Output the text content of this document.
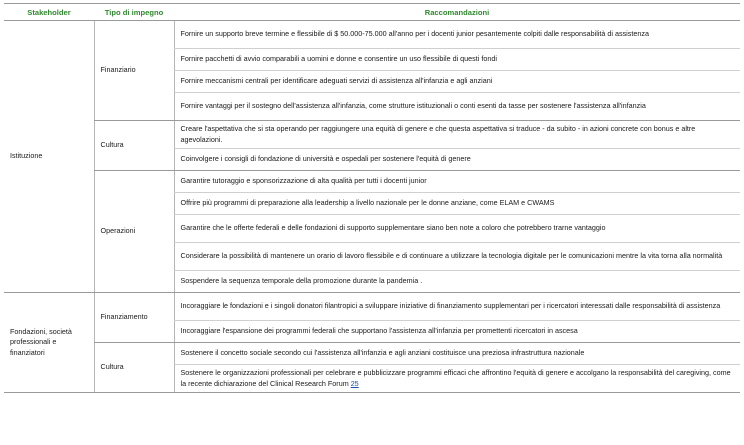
Stakeholder	Tipo di impegno	Raccomandazioni
Istituzione	Finanziario	Fornire un supporto breve termine e flessibile di $ 50.000-75.000 all'anno per i docenti junior pesantemente colpiti dalle responsabilità di assistenza
		Fornire pacchetti di avvio comparabili a uomini e donne e consentire un uso flessibile di questi fondi
		Fornire meccanismi centrali per identificare adeguati servizi di assistenza all'infanzia e agli anziani
		Fornire vantaggi per il sostegno dell'assistenza all'infanzia, come strutture istituzionali o conti esenti da tasse per sostenere l'assistenza all'infanzia
	Cultura	Creare l'aspettativa che si sta operando per raggiungere una equità di genere e che questa aspettativa si traduce - da subito - in azioni concrete con bonus e altre agevolazioni.
		Coinvolgere i consigli di fondazione di università e ospedali per sostenere l'equità di genere
	Operazioni	Garantire tutoraggio e sponsorizzazione di alta qualità per tutti i docenti junior
		Offrire più programmi di preparazione alla leadership a livello nazionale per le donne anziane, come ELAM e CWAMS
		Garantire che le offerte federali e delle fondazioni di supporto supplementare siano ben note a coloro che potrebbero trarne vantaggio
		Considerare la possibilità di mantenere un orario di lavoro flessibile e di continuare a utilizzare la tecnologia digitale per le comunicazioni mentre la vita torna alla normalità
		Sospendere la sequenza temporale della promozione durante la pandemia .
Fondazioni, società professionali e finanziatori	Finanziamento	Incoraggiare le fondazioni e i singoli donatori filantropici a sviluppare iniziative di finanziamento supplementari per i ricercatori interessati dalle responsabilità di assistenza
		Incoraggiare l'espansione dei programmi federali che supportano l'assistenza all'infanzia per promettenti ricercatori in ascesa
	Cultura	Sostenere il concetto sociale secondo cui l'assistenza all'infanzia e agli anziani costituisce una preziosa infrastruttura nazionale
		Sostenere le organizzazioni professionali per celebrare e pubblicizzare programmi efficaci che affrontino l'equità di genere e accolgano la responsabilità del caregiving, come la recente dichiarazione del Clinical Research Forum 25
